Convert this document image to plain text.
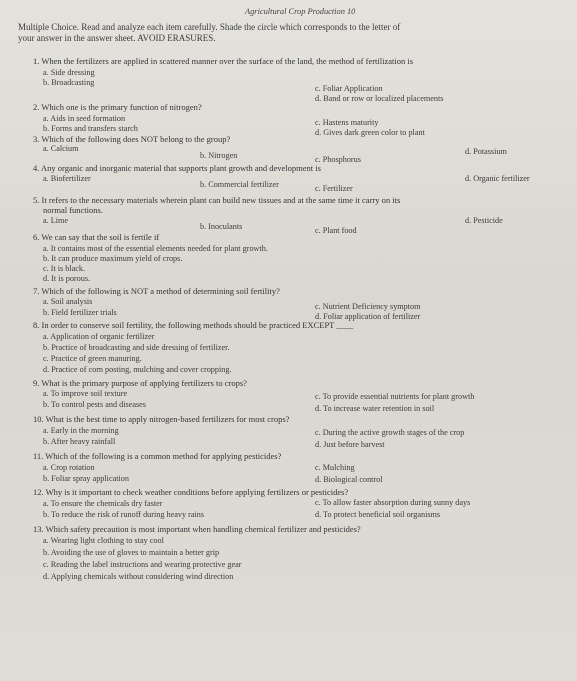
Agricultural Crop Production 10
Multiple Choice. Read and analyze each item carefully. Shade the circle which corresponds to the letter of
your answer in the answer sheet. AVOID ERASURES.
1. When the fertilizers are applied in scattered manner over the surface of the land, the method of fertilization is
a. Side dressing
b. Broadcasting
c. Foliar Application
d. Band or row or localized placements
2. Which one is the primary function of nitrogen?
a. Aids in seed formation
b. Forms and transfers starch
c. Hastens maturity
d. Gives dark green color to plant
3. Which of the following does NOT belong to the group?
a. Calcium
b. Nitrogen	c. Phosphorus
d. Potassium
4. Any organic and inorganic material that supports plant growth and development is
a. Biofertilizer
b. Commercial fertilizer	c. Fertilizer
d. Organic fertilizer
5. It refers to the necessary materials wherein plant can build new tissues and at the same time it carry on its
normal functions.
a. Lime
b. Inoculants	c. Plant food
d. Pesticide
6. We can say that the soil is fertile if
a. It contains most of the essential elements needed for plant growth.
b. It can produce maximum yield of crops.
c. It is black.
d. It is porous.
7. Which of the following is NOT a method of determining soil fertility?
a. Soil analysis
b. Field fertilizer trials
c. Nutrient Deficiency symptom
d. Foliar application of fertilizer
8. In order to conserve soil fertility, the following methods should be practiced EXCEPT ____
a. Application of organic fertilizer
b. Practice of broadcasting and side dressing of fertilizer.
c. Practice of green manuring.
d. Practice of corn posting, mulching and cover cropping.
9. What is the primary purpose of applying fertilizers to crops?
a. To improve soil texture
b. To control pests and diseases
c. To provide essential nutrients for plant growth
d. To increase water retention in soil
10. What is the best time to apply nitrogen-based fertilizers for most crops?
a. Early in the morning
b. After heavy rainfall
c. During the active growth stages of the crop
d. Just before harvest
11. Which of the following is a common method for applying pesticides?
a. Crop rotation
b. Foliar spray application
c. Mulching
d. Biological control
12. Why is it important to check weather conditions before applying fertilizers or pesticides?
a. To ensure the chemicals dry faster
b. To reduce the risk of runoff during heavy rains
c. To allow faster absorption during sunny days
d. To protect beneficial soil organisms
13. Which safety precaution is most important when handling chemical fertilizer and pesticides?
a. Wearing light clothing to stay cool
b. Avoiding the use of gloves to maintain a better grip
c. Reading the label instructions and wearing protective gear
d. Applying chemicals without considering wind direction
